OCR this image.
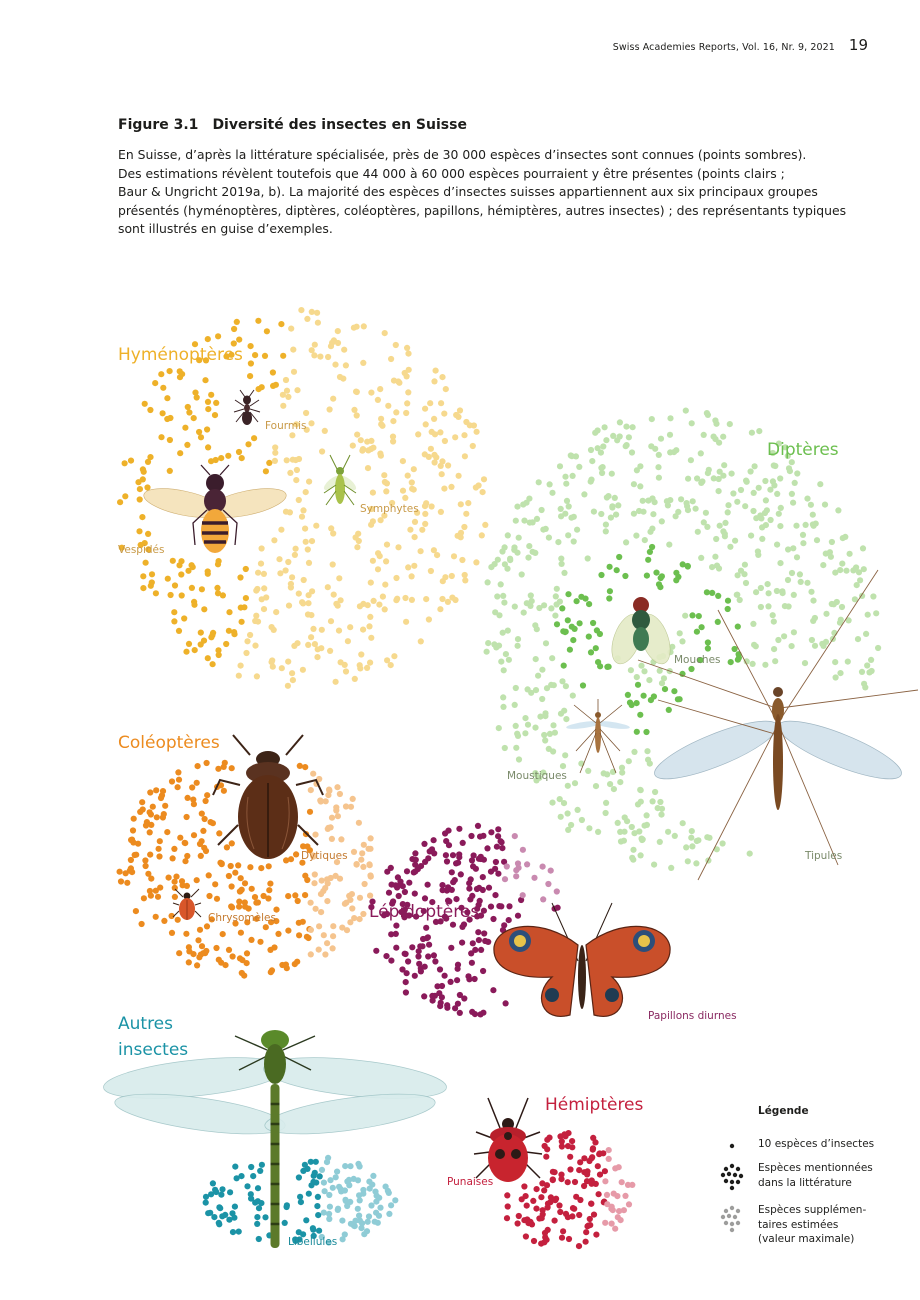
Swiss Academies Reports, Vol. 16, Nr. 9, 2021 19
Figure 3.1 Diversité des insectes en Suisse
En Suisse, d’après la littérature spécialisée, près de 30 000 espèces d’insectes sont connues (points sombres).
Des estimations révèlent toutefois que 44 000 à 60 000 espèces pourraient y être présentes (points clairs ;
Baur & Ungricht 2019a, b). La majorité des espèces d’insectes suisses appartiennent aux six principaux groupes
présentés (hyménoptères, diptères, coléoptères, papillons, hémiptères, autres insectes) ; des représentants typiques
sont illustrés en guise d’exemples.
Hyménoptères
Diptères
Coléoptères
Lépidoptères
Autres
insectes
Hémiptères
Fourmis
Symphytes
Vespidés
Mouches
Moustiques
Tipules
Dytiques
Chrysomèles
Papillons diurnes
Libellules
Punaises
Légende
10 espèces d’insectes
Espèces mentionnées
dans la littérature
Espèces supplémen-
taires estimées
(valeur maximale)
